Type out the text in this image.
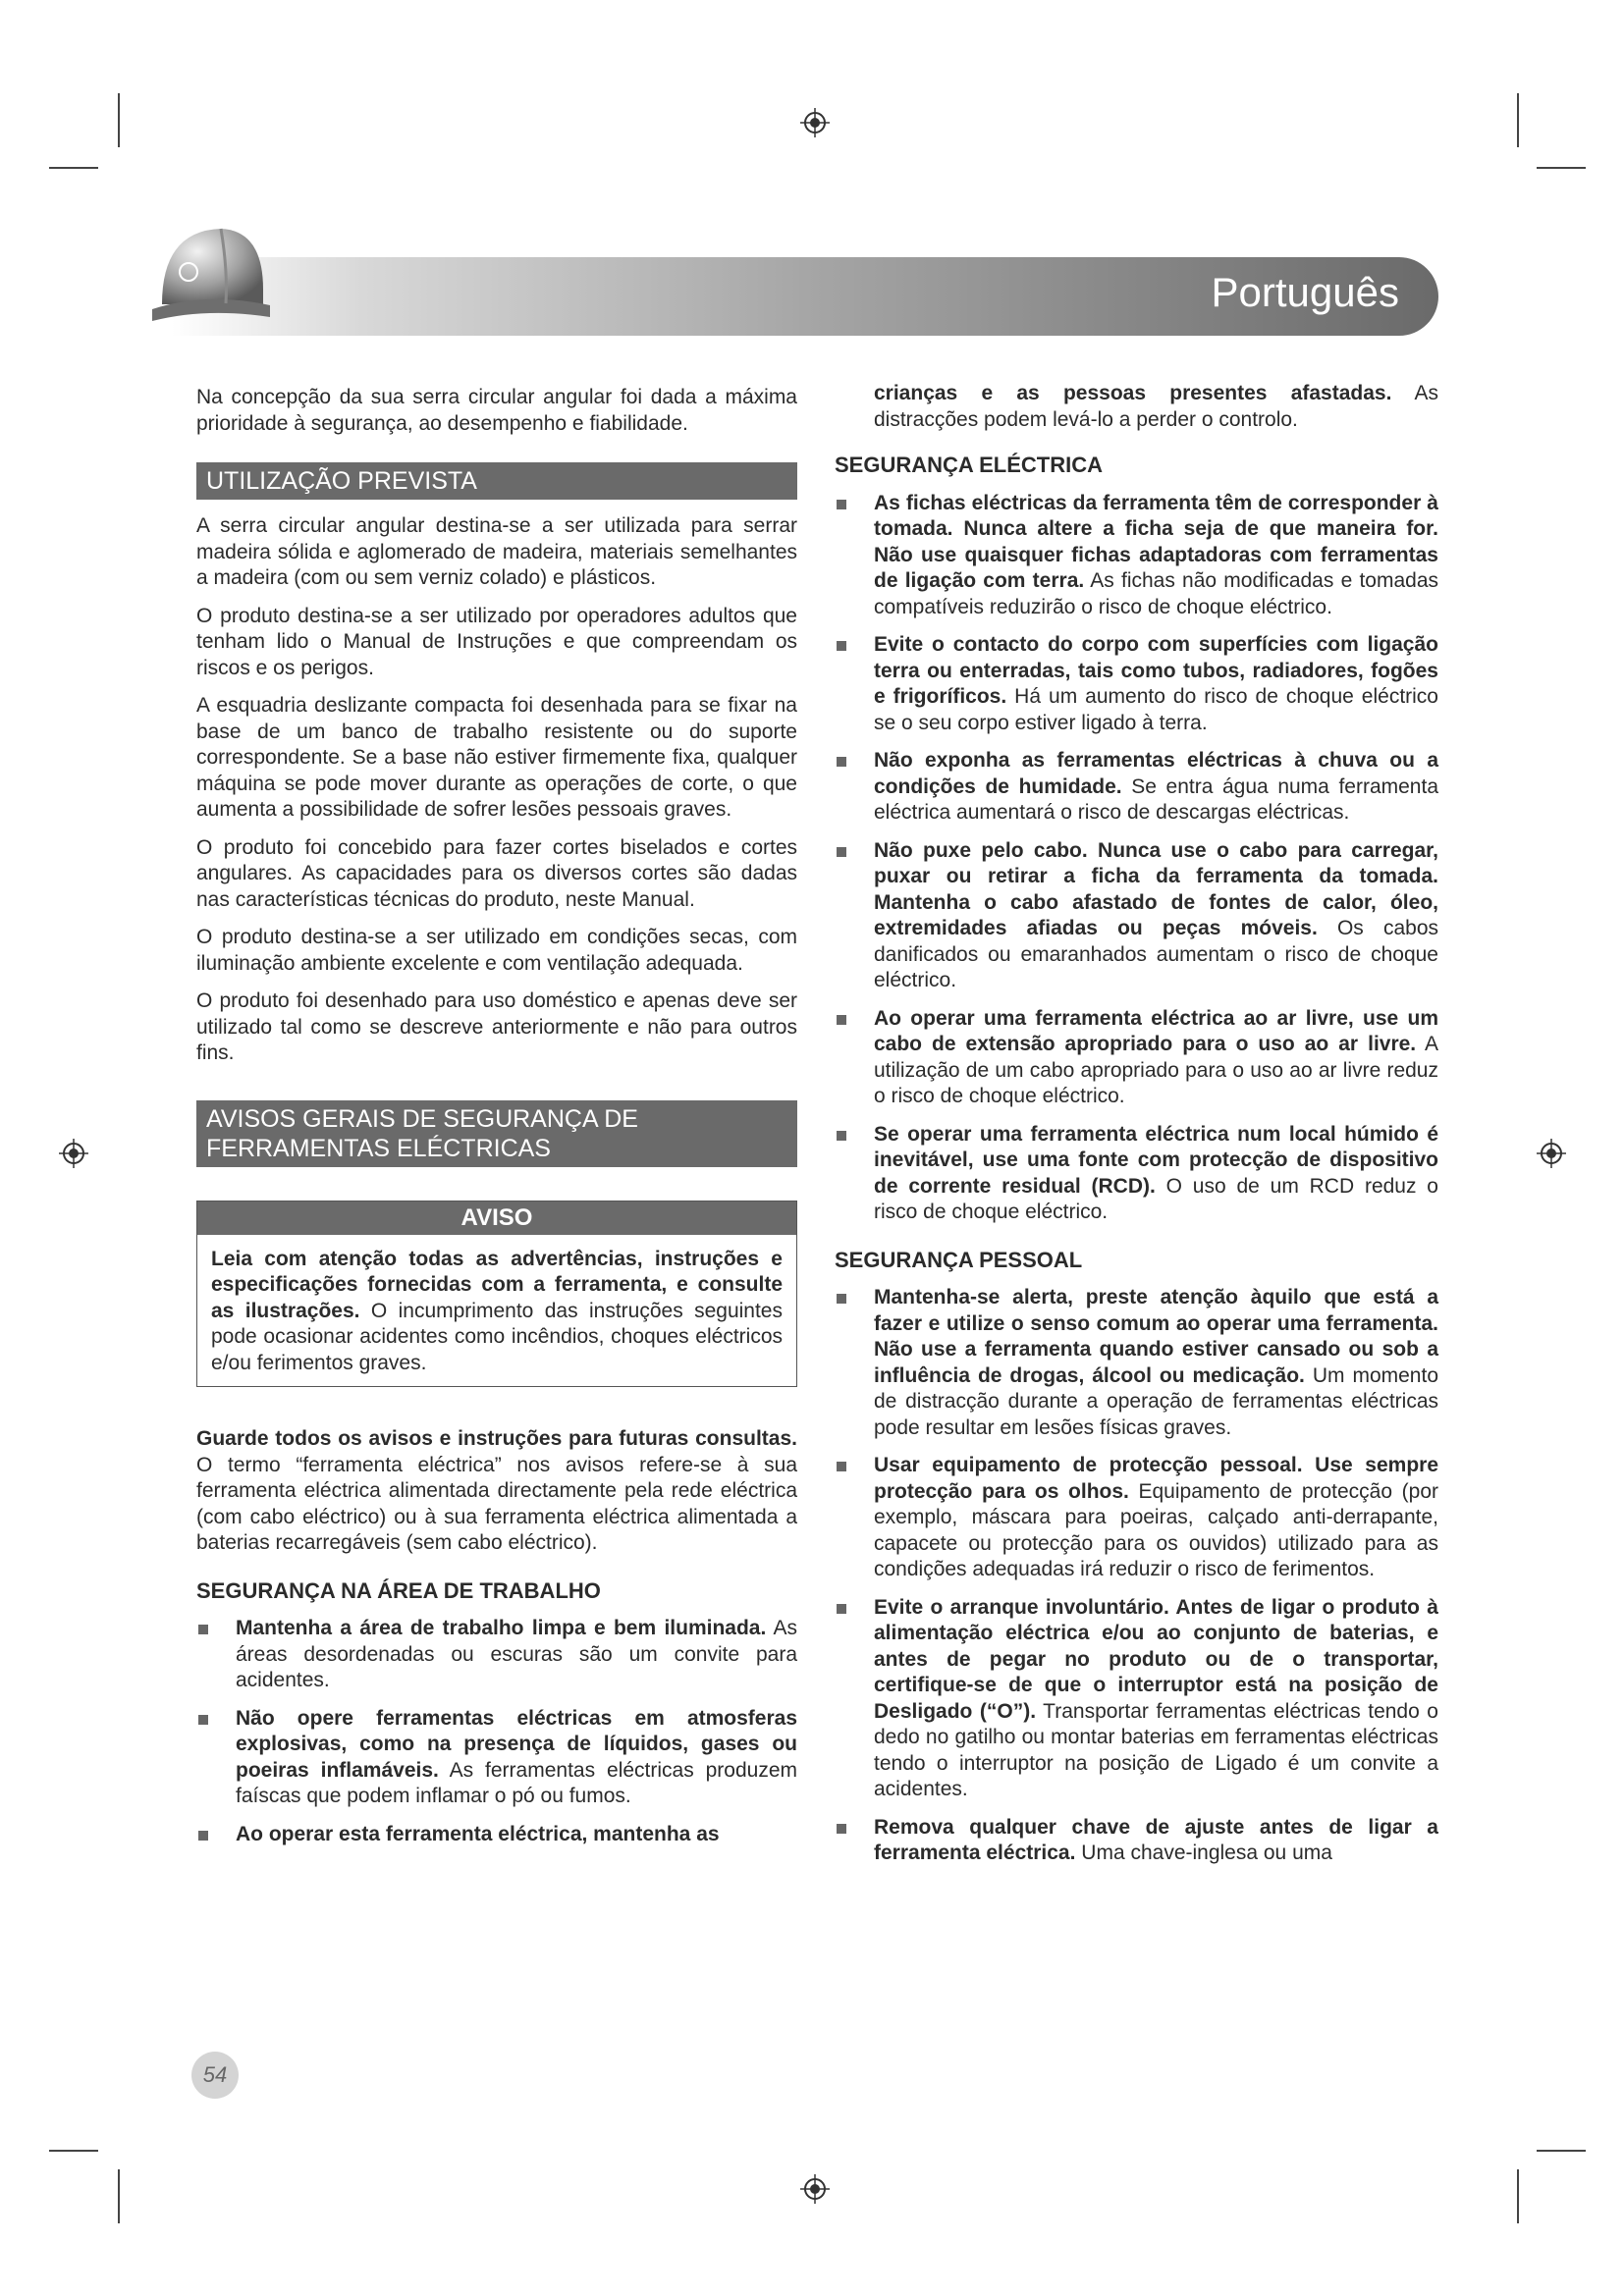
Português

Na concepção da sua serra circular angular foi dada a máxima prioridade à segurança, ao desempenho e fiabilidade.

UTILIZAÇÃO PREVISTA

A serra circular angular destina-se a ser utilizada para serrar madeira sólida e aglomerado de madeira, materiais semelhantes a madeira (com ou sem verniz colado) e plásticos.

O produto destina-se a ser utilizado por operadores adultos que tenham lido o Manual de Instruções e que compreendam os riscos e os perigos.

A esquadria deslizante compacta foi desenhada para se fixar na base de um banco de trabalho resistente ou do suporte correspondente. Se a base não estiver firmemente fixa, qualquer máquina se pode mover durante as operações de corte, o que aumenta a possibilidade de sofrer lesões pessoais graves.

O produto foi concebido para fazer cortes biselados e cortes angulares. As capacidades para os diversos cortes são dadas nas características técnicas do produto, neste Manual.

O produto destina-se a ser utilizado em condições secas, com iluminação ambiente excelente e com ventilação adequada.

O produto foi desenhado para uso doméstico e apenas deve ser utilizado tal como se descreve anteriormente e não para outros fins.

AVISOS GERAIS DE SEGURANÇA DE FERRAMENTAS ELÉCTRICAS
AVISO
Leia com atenção todas as advertências, instruções e especificações fornecidas com a ferramenta, e consulte as ilustrações. O incumprimento das instruções seguintes pode ocasionar acidentes como incêndios, choques eléctricos e/ou ferimentos graves.

Guarde todos os avisos e instruções para futuras consultas. O termo “ferramenta eléctrica” nos avisos refere-se à sua ferramenta eléctrica alimentada directamente pela rede eléctrica (com cabo eléctrico) ou à sua ferramenta eléctrica alimentada a baterias recarregáveis (sem cabo eléctrico).

SEGURANÇA NA ÁREA DE TRABALHO
Mantenha a área de trabalho limpa e bem iluminada. As áreas desordenadas ou escuras são um convite para acidentes.
Não opere ferramentas eléctricas em atmosferas explosivas, como na presença de líquidos, gases ou poeiras inflamáveis. As ferramentas eléctricas produzem faíscas que podem inflamar o pó ou fumos.
Ao operar esta ferramenta eléctrica, mantenha as
crianças e as pessoas presentes afastadas. As distracções podem levá-lo a perder o controlo.
SEGURANÇA ELÉCTRICA
As fichas eléctricas da ferramenta têm de corresponder à tomada. Nunca altere a ficha seja de que maneira for. Não use quaisquer fichas adaptadoras com ferramentas de ligação com terra. As fichas não modificadas e tomadas compatíveis reduzirão o risco de choque eléctrico.
Evite o contacto do corpo com superfícies com ligação terra ou enterradas, tais como tubos, radiadores, fogões e frigoríficos. Há um aumento do risco de choque eléctrico se o seu corpo estiver ligado à terra.
Não exponha as ferramentas eléctricas à chuva ou a condições de humidade. Se entra água numa ferramenta eléctrica aumentará o risco de descargas eléctricas.
Não puxe pelo cabo. Nunca use o cabo para carregar, puxar ou retirar a ficha da ferramenta da tomada. Mantenha o cabo afastado de fontes de calor, óleo, extremidades afiadas ou peças móveis. Os cabos danificados ou emaranhados aumentam o risco de choque eléctrico.
Ao operar uma ferramenta eléctrica ao ar livre, use um cabo de extensão apropriado para o uso ao ar livre. A utilização de um cabo apropriado para o uso ao ar livre reduz o risco de choque eléctrico.
Se operar uma ferramenta eléctrica num local húmido é inevitável, use uma fonte com protecção de dispositivo de corrente residual (RCD). O uso de um RCD reduz o risco de choque eléctrico.
SEGURANÇA PESSOAL
Mantenha-se alerta, preste atenção àquilo que está a fazer e utilize o senso comum ao operar uma ferramenta. Não use a ferramenta quando estiver cansado ou sob a influência de drogas, álcool ou medicação. Um momento de distracção durante a operação de ferramentas eléctricas pode resultar em lesões físicas graves.
Usar equipamento de protecção pessoal. Use sempre protecção para os olhos. Equipamento de protecção (por exemplo, máscara para poeiras, calçado anti-derrapante, capacete ou protecção para os ouvidos) utilizado para as condições adequadas irá reduzir o risco de ferimentos.
Evite o arranque involuntário. Antes de ligar o produto à alimentação eléctrica e/ou ao conjunto de baterias, e antes de pegar no produto ou de o transportar, certifique-se de que o interruptor está na posição de Desligado (“O”). Transportar ferramentas eléctricas tendo o dedo no gatilho ou montar baterias em ferramentas eléctricas tendo o interruptor na posição de Ligado é um convite a acidentes.
Remova qualquer chave de ajuste antes de ligar a ferramenta eléctrica. Uma chave-inglesa ou uma
54
